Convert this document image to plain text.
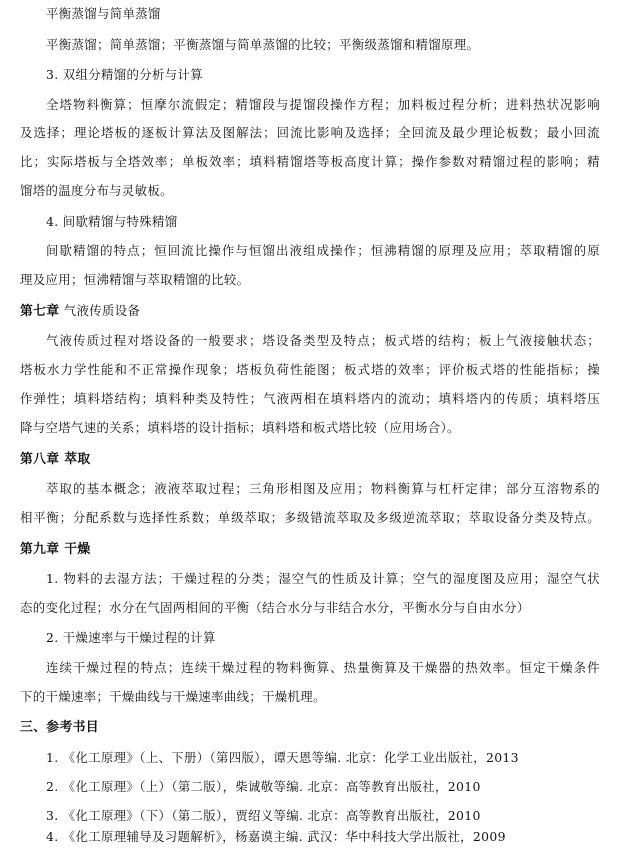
平衡蒸馏与简单蒸馏
平衡蒸馏；简单蒸馏；平衡蒸馏与简单蒸馏的比较；平衡级蒸馏和精馏原理。
3. 双组分精馏的分析与计算
全塔物料衡算；恒摩尔流假定；精馏段与提馏段操作方程；加料板过程分析；进料热状况影响
及选择；理论塔板的逐板计算法及图解法；回流比影响及选择；全回流及最少理论板数；最小回流
比；实际塔板与全塔效率；单板效率；填料精馏塔等板高度计算；操作参数对精馏过程的影响；精
馏塔的温度分布与灵敏板。
4. 间歇精馏与特殊精馏
间歇精馏的特点；恒回流比操作与恒馏出液组成操作；恒沸精馏的原理及应用；萃取精馏的原
理及应用；恒沸精馏与萃取精馏的比较。
第七章 气液传质设备
气液传质过程对塔设备的一般要求；塔设备类型及特点；板式塔的结构；板上气液接触状态；
塔板水力学性能和不正常操作现象；塔板负荷性能图；板式塔的效率；评价板式塔的性能指标；操
作弹性；填料塔结构；填料种类及特性；气液两相在填料塔内的流动；填料塔内的传质；填料塔压
降与空塔气速的关系；填料塔的设计指标；填料塔和板式塔比较（应用场合）。
第八章 萃取
萃取的基本概念；液液萃取过程；三角形相图及应用；物料衡算与杠杆定律；部分互溶物系的
相平衡；分配系数与选择性系数；单级萃取；多级错流萃取及多级逆流萃取；萃取设备分类及特点。
第九章 干燥
1. 物料的去湿方法；干燥过程的分类；湿空气的性质及计算；空气的湿度图及应用；湿空气状
态的变化过程；水分在气固两相间的平衡（结合水分与非结合水分，平衡水分与自由水分）
2. 干燥速率与干燥过程的计算
连续干燥过程的特点；连续干燥过程的物料衡算、热量衡算及干燥器的热效率。恒定干燥条件
下的干燥速率；干燥曲线与干燥速率曲线；干燥机理。
三、参考书目
1. 《化工原理》（上、下册）（第四版），谭天恩等编. 北京：化学工业出版社，2013
2. 《化工原理》（上）（第二版），柴诚敬等编. 北京：高等教育出版社，2010
3. 《化工原理》（下）（第二版），贾绍义等编. 北京：高等教育出版社，2010
4. 《化工原理辅导及习题解析》，杨嘉谟主编. 武汉：华中科技大学出版社，2009
